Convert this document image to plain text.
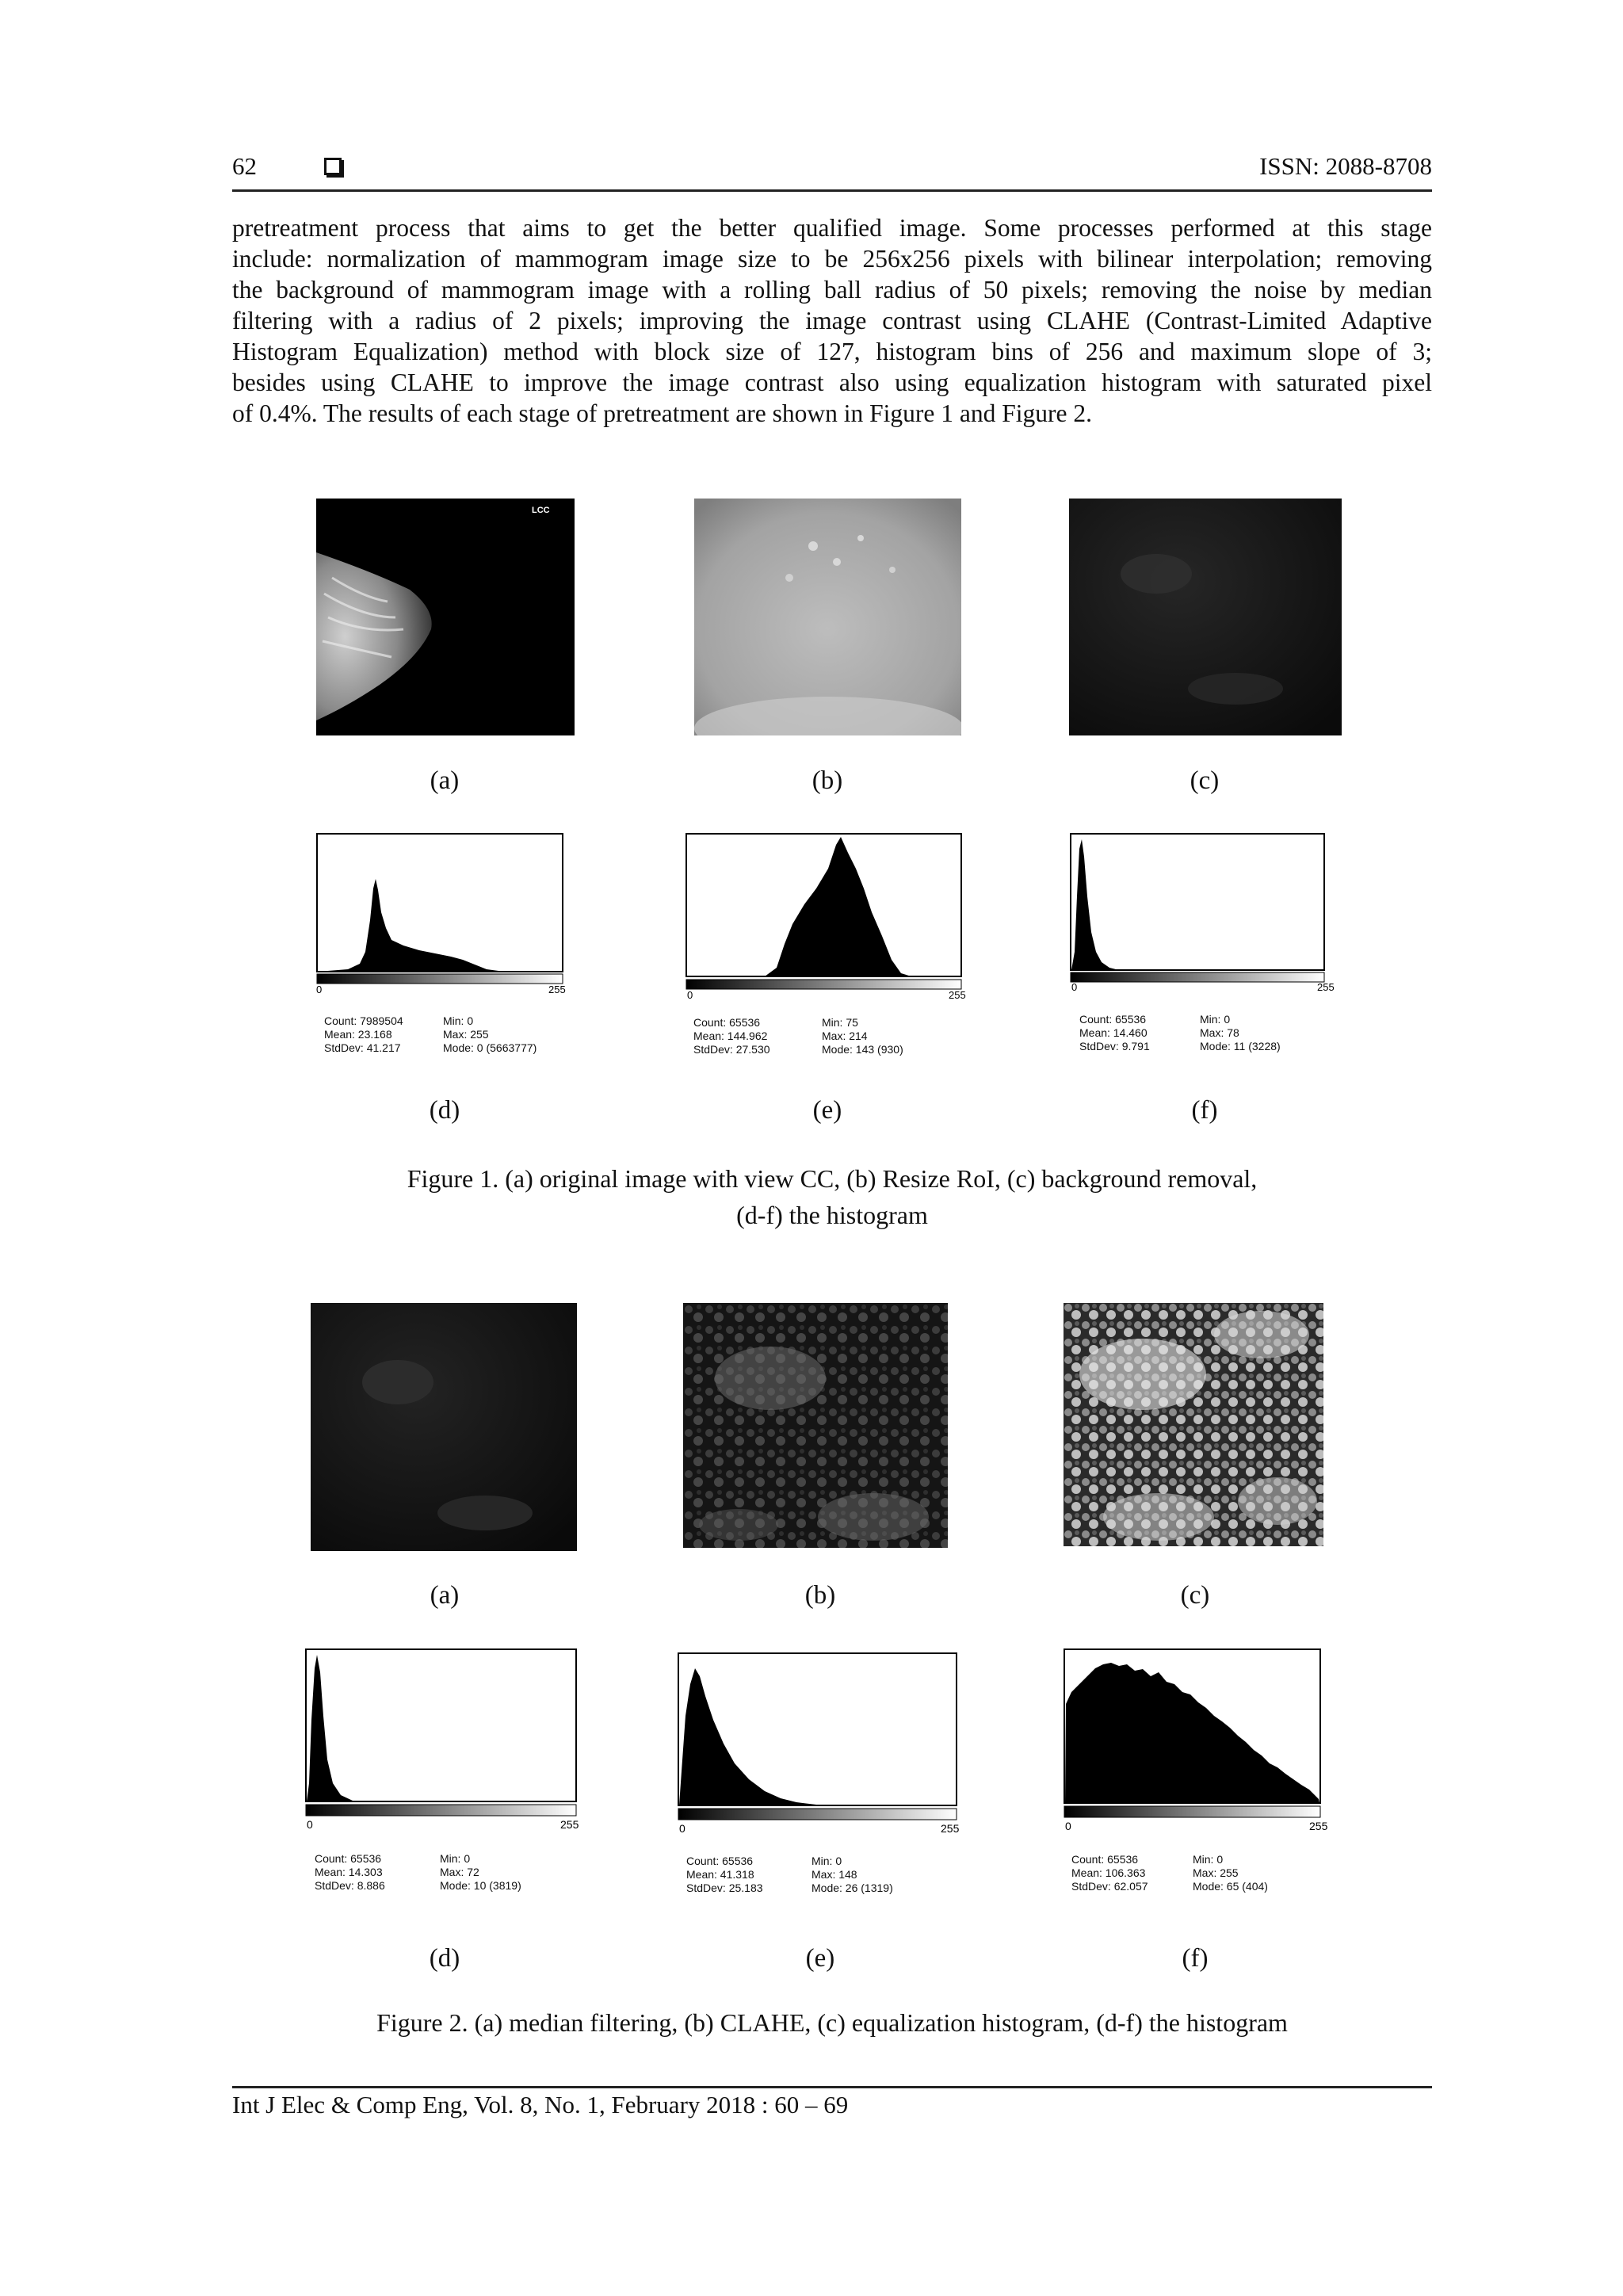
62	ISSN: 2088-8708
pretreatment process that aims to get the better qualified image. Some processes performed at this stage
include: normalization of mammogram image size to be 256x256 pixels with bilinear interpolation; removing
the background of mammogram image with a rolling ball radius of 50 pixels; removing the noise by median
filtering with a radius of 2 pixels; improving the image contrast using CLAHE (Contrast-Limited Adaptive
Histogram Equalization) method with block size of 127, histogram bins of 256 and maximum slope of 3;
besides using CLAHE to improve the image contrast also using equalization histogram with saturated pixel
of 0.4%. The results of each stage of pretreatment are shown in Figure 1 and Figure 2.
LCC
(a)	(b)	(c)
0	255
Count: 7989504
Mean: 23.168
StdDev: 41.217
Min: 0
Max: 255
Mode: 0 (5663777)
(d)
0	255
Count: 65536
Mean: 144.962
StdDev: 27.530
Min: 75
Max: 214
Mode: 143 (930)
(e)
0	255
Count: 65536
Mean: 14.460
StdDev: 9.791
Min: 0
Max: 78
Mode: 11 (3228)
(f)
Figure 1. (a) original image with view CC, (b) Resize RoI, (c) background removal,
(d-f) the histogram
(a)	(b)	(c)
0	255
Count: 65536
Mean: 14.303
StdDev: 8.886
Min: 0
Max: 72
Mode: 10 (3819)
(d)
0	255
Count: 65536
Mean: 41.318
StdDev: 25.183
Min: 0
Max: 148
Mode: 26 (1319)
(e)
0	255
Count: 65536
Mean: 106.363
StdDev: 62.057
Min: 0
Max: 255
Mode: 65 (404)
(f)
Figure 2. (a) median filtering, (b) CLAHE, (c) equalization histogram, (d-f) the histogram
Int J Elec & Comp Eng, Vol. 8, No. 1, February 2018 : 60 – 69
